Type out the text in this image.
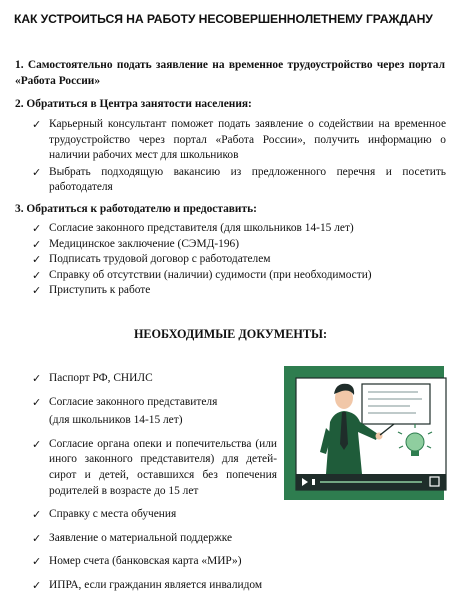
КАК УСТРОИТЬСЯ НА РАБОТУ НЕСОВЕРШЕННОЛЕТНЕМУ ГРАЖДАНУ
1. Самостоятельно подать заявление на временное трудоустройство через портал «Работа России»
2. Обратиться в Центра занятости населения:
✓ Карьерный консультант поможет подать заявление о содействии на временное трудоустройство через портал «Работа России», получить информацию о наличии рабочих мест для школьников
✓ Выбрать подходящую вакансию из предложенного перечня и посетить работодателя
3. Обратиться к работодателю и предоставить:
✓ Согласие законного представителя (для школьников 14-15 лет)
✓ Медицинское заключение (СЭМД-196)
✓ Подписать трудовой договор с работодателем
✓ Справку об отсутствии (наличии) судимости (при необходимости)
✓ Приступить к работе
НЕОБХОДИМЫЕ ДОКУМЕНТЫ:
✓ Паспорт РФ, СНИЛС
✓ Согласие законного представителя
(для школьников 14-15 лет)
✓ Согласие органа опеки и попечительства (или иного законного представителя) для детей-сирот и детей, оставшихся без попечения родителей в возрасте до 15 лет
✓ Справку с места обучения
✓ Заявление о материальной поддержке
✓ Номер счета (банковская карта «МИР»)
✓ ИПРА, если гражданин является инвалидом
